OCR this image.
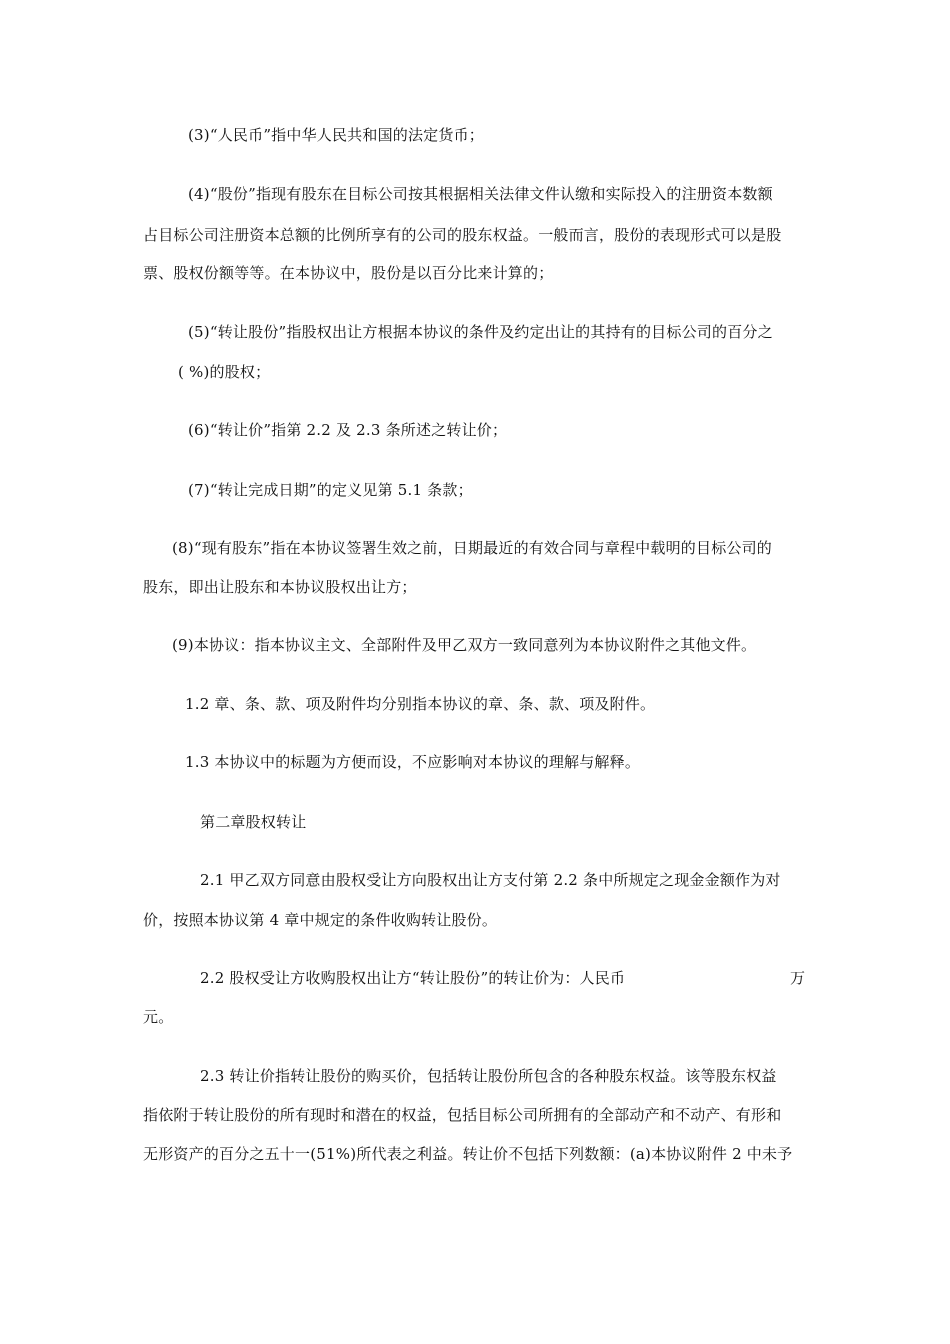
(3)“人民币”指中华人民共和国的法定货币；
(4)“股份”指现有股东在目标公司按其根据相关法律文件认缴和实际投入的注册资本数额
占目标公司注册资本总额的比例所享有的公司的股东权益。一般而言，股份的表现形式可以是股
票、股权份额等等。在本协议中，股份是以百分比来计算的；
(5)“转让股份”指股权出让方根据本协议的条件及约定出让的其持有的目标公司的百分之
( %)的股权；
(6)“转让价”指第 2.2 及 2.3 条所述之转让价；
(7)“转让完成日期”的定义见第 5.1 条款；
(8)“现有股东”指在本协议签署生效之前，日期最近的有效合同与章程中载明的目标公司的
股东，即出让股东和本协议股权出让方；
(9)本协议：指本协议主文、全部附件及甲乙双方一致同意列为本协议附件之其他文件。
1.2 章、条、款、项及附件均分别指本协议的章、条、款、项及附件。
1.3 本协议中的标题为方便而设，不应影响对本协议的理解与解释。
第二章股权转让
2.1 甲乙双方同意由股权受让方向股权出让方支付第 2.2 条中所规定之现金金额作为对
价，按照本协议第 4 章中规定的条件收购转让股份。
2.2 股权受让方收购股权出让方“转让股份”的转让价为：人民币	万
元。
2.3 转让价指转让股份的购买价，包括转让股份所包含的各种股东权益。该等股东权益
指依附于转让股份的所有现时和潜在的权益，包括目标公司所拥有的全部动产和不动产、有形和
无形资产的百分之五十一(51%)所代表之利益。转让价不包括下列数额：(a)本协议附件 2 中未予
